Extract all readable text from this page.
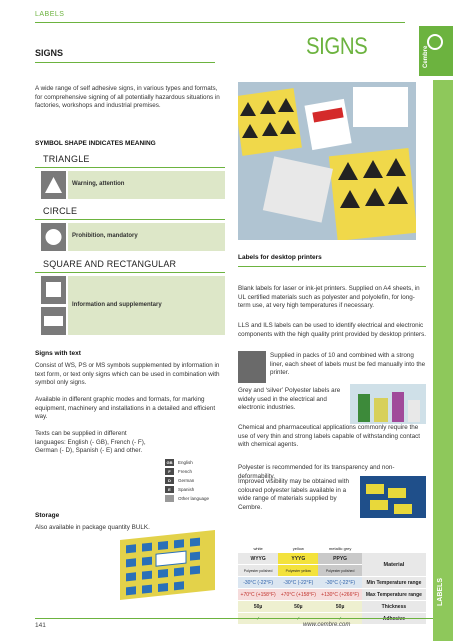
LABELS
SIGNS	SIGNS	Cembre
LABELS
A wide range of self adhesive signs, in various types and formats, for comprehensive signing of all potentially hazardous situations in factories, workshops and industrial premises.
SYMBOL SHAPE INDICATES MEANING
TRIANGLE
Warning, attention
CIRCLE
Prohibition, mandatory
SQUARE AND RECTANGULAR
Information and supplementary
Signs with text
Consist of WS, PS or MS symbols supplemented by information in text form, or text only signs which can be used in combination with symbol only signs.
Available in different graphic modes and formats, for marking equipment, machinery and installations in a detailed and efficient way.
Texts can be supplied in different languages: English (- GB), French (- F), German (- D), Spanish (- E) and other.
GB	English
F	French
D	German
E	Spanish
Other language
Storage
Also available in package quantity BULK.
Labels for desktop printers
Blank labels for laser or ink-jet printers. Supplied on A4 sheets, in UL certified materials such as polyester and polyolefin, for long-term use, at very high temperatures if necessary.
LLS and ILS labels can be used to identify electrical and electronic components with the high quality print provided by desktop printers.
Supplied in packs of 10 and combined with a strong liner, each sheet of labels must be fed manually into the printer.
Grey and ‘silver’ Polyester labels are widely used in the electrical and electronic industries.
Chemical and pharmaceutical applications commonly require the use of very thin and strong labels capable of withstanding contact with chemical agents.
Polyester is recommended for its transparency and non-deformability.
Improved visibility may be obtained with coloured polyester labels available in a wide range of materials supplied by Cembre.
white	yellow	metallic grey	
WYYG	YYYG	PPYG	Material
Polyester polished	Polyester yellow	Polyester polished	
-30°C (-22°F)	-30°C (-22°F)	-30°C (-22°F)	Min Temperature range
+70°C (+158°F)	+70°C (+158°F)	+130°C (+266°F)	Max Temperature range
50µ	50µ	50µ	Thickness

141	www.cembre.com
